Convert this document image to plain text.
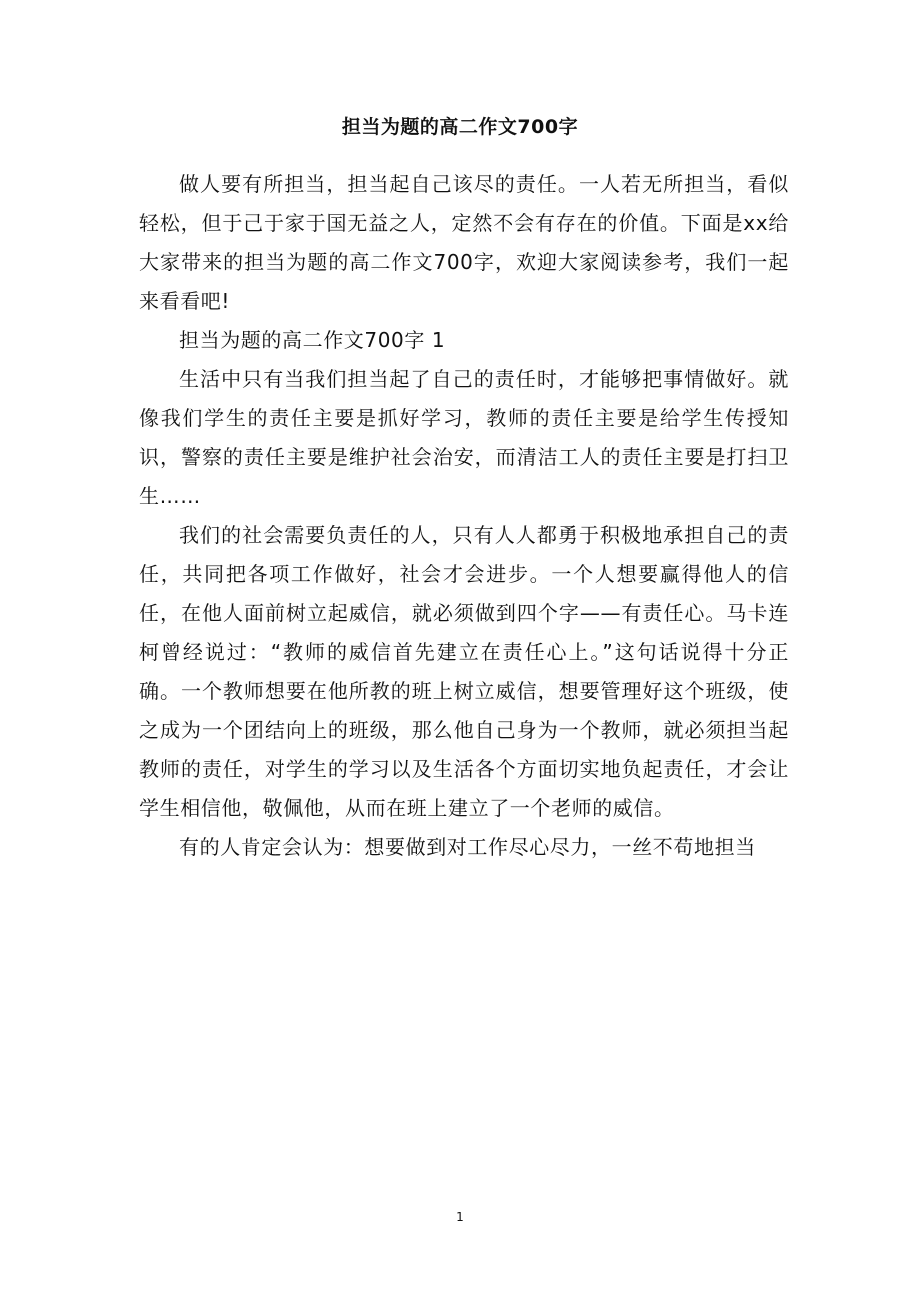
担当为题的高二作文700字

做人要有所担当，担当起自己该尽的责任。一人若无所担当，看似轻松，但于己于家于国无益之人，定然不会有存在的价值。下面是xx给大家带来的担当为题的高二作文700字，欢迎大家阅读参考，我们一起来看看吧!

担当为题的高二作文700字 1

生活中只有当我们担当起了自己的责任时，才能够把事情做好。就像我们学生的责任主要是抓好学习，教师的责任主要是给学生传授知识，警察的责任主要是维护社会治安，而清洁工人的责任主要是打扫卫生……

我们的社会需要负责任的人，只有人人都勇于积极地承担自己的责任，共同把各项工作做好，社会才会进步。一个人想要赢得他人的信任，在他人面前树立起威信，就必须做到四个字——有责任心。马卡连柯曾经说过：“教师的威信首先建立在责任心上。”这句话说得十分正确。一个教师想要在他所教的班上树立威信，想要管理好这个班级，使之成为一个团结向上的班级，那么他自己身为一个教师，就必须担当起教师的责任，对学生的学习以及生活各个方面切实地负起责任，才会让学生相信他，敬佩他，从而在班上建立了一个老师的威信。

有的人肯定会认为：想要做到对工作尽心尽力，一丝不苟地担当

1
